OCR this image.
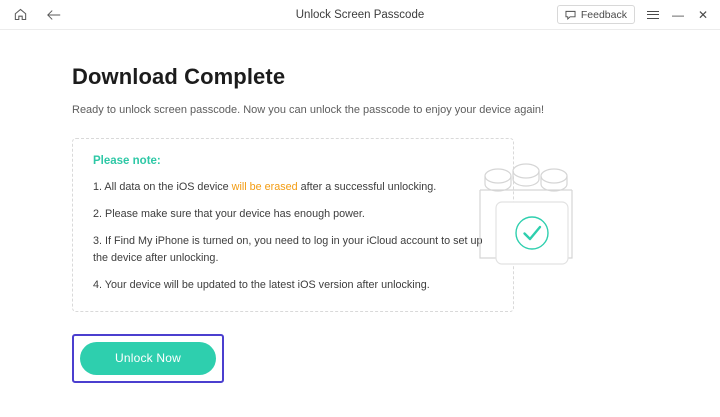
Unlock Screen Passcode	Feedback	— ✕
Download Complete
Ready to unlock screen passcode. Now you can unlock the passcode to enjoy your device again!
Please note:
1. All data on the iOS device will be erased after a successful unlocking.
2. Please make sure that your device has enough power.
3. If Find My iPhone is turned on, you need to log in your iCloud account to set up the device after unlocking.
4. Your device will be updated to the latest iOS version after unlocking.
Unlock Now
